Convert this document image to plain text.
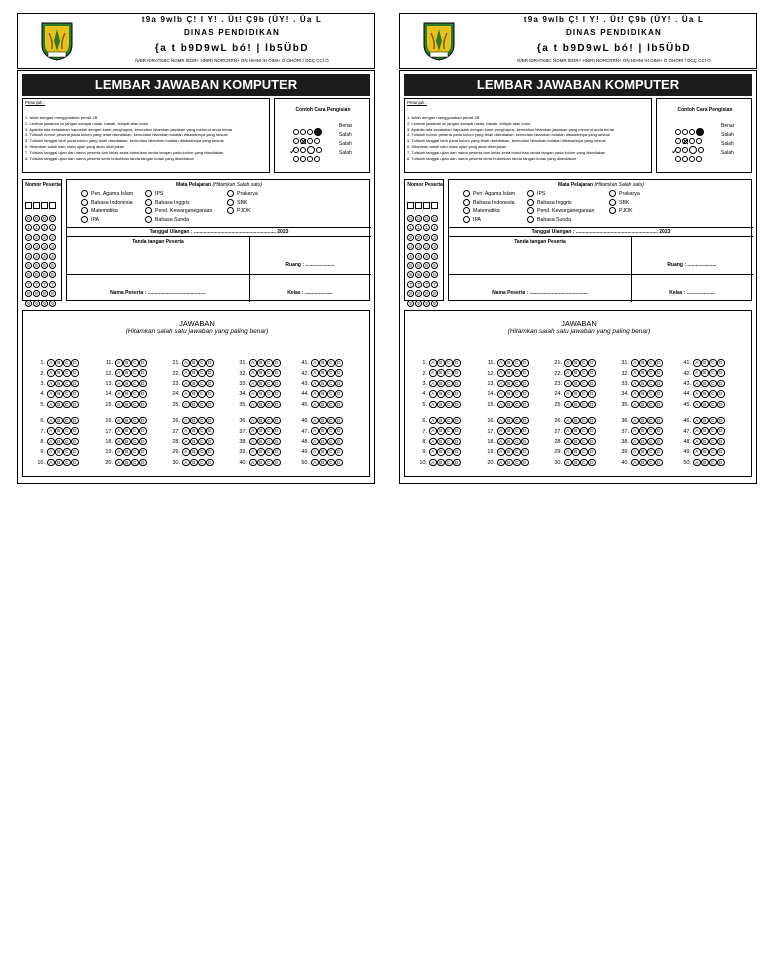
t9a 9wlb Ç! I Y! . Üt! Ç9b (ÜY! . Üa L
DINAS PENDIDIKAN
{a t b9D9wL bó! | lb5ÜbD
Ñ/BR ÍDRATKBC ÑOMR ÍEDR+ HÑIRÍ ÑORCRRÑ+ ÓÑ HIHNI ÍH ÓIMI+ Ó ÓHÓRÍ Í ÓCÇ CCÍ Ó
LEMBAR JAWABAN KOMPUTER
Petunjuk :
1. Isilah dengan menggunakan pensil 2B
2. Lembar jawaban ini jangan sampai rusak, basah, terlipat atau kotor
3. Apabila ada kesalahan hapuslah dengan karet penghapus, kemudian hitamkan jawaban yang menurut anda benar
4. Tulislah nomor peserta pada kolom yang telah disediakan, kemudian hitamkan bulatan dibawahnya yang sesuai
5. Tulislah tanggal lahir pada kolom yang telah disediakan, kemudian hitamkan bulatan dibawahnya yang sesuai
6. Hitamkan salah satu mata ujian yang akan dikerjakan
7. Tulislah tanggal ujian dan nama peserta dan kelas serta bubuhkan tanda tangan pada kolom yang disediakan
8. Tulislah tanggal ujian dan nama peserta serta bubuhkan tanda tangan kotak yang disediakan
Contoh Cara Pengisian
Benar
Salah
Salah
✓	Salah
Nomor Peserta
0 0 0 0
1 1 1 1
2 2 2 2
3 3 3 3
4 4 4 4
5 5 5 5
6 6 6 6
7 7 7 7
8 8 8 8
9 9 9 9
Mata Pelajaran (Hitamkan Salah satu)
Pen. Agama Islam
Bahasa Indonesia
Matematika
IPA
IPS
Bahasa Inggris
Pend. Kewarganegaraan
Bahasa Sunda
Prakarya
SBK
PJOK
Tanggal Ulangan : ........................................................... 2023
Tanda tangan Peserta
Ruang : .....................
Nama Peserta : ..........................................	Kelas : ....................
JAWABAN
(Hitamkan salah satu jawaban yang paling benar)
1. A B C D
2. A B C D
3. A B C D
4. A B C D
5. A B C D
6. A B C D
7. A B C D
8. A B C D
9. A B C D
10. A B C D
11. A B C D
12. A B C D
13. A B C D
14. A B C D
15. A B C D
16. A B C D
17. A B C D
18. A B C D
19. A B C D
20. A B C D
21. A B C D
22. A B C D
23. A B C D
24. A B C D
25. A B C D
26. A B C D
27. A B C D
28. A B C D
29. A B C D
30. A B C D
31. A B C D
32. A B C D
33. A B C D
34. A B C D
35. A B C D
36. A B C D
37. A B C D
38. A B C D
39. A B C D
40. A B C D
41. A B C D
42. A B C D
43. A B C D
44. A B C D
45. A B C D
46. A B C D
47. A B C D
48. A B C D
49. A B C D
50. A B C D
t9a 9wlb Ç! I Y! . Üt! Ç9b (ÜY! . Üa L
DINAS PENDIDIKAN
{a t b9D9wL bó! | lb5ÜbD
Ñ/BR ÍDRATKBC ÑOMR ÍEDR+ HÑIRÍ ÑORCRRÑ+ ÓÑ HIHNI ÍH ÓIMI+ Ó ÓHÓRÍ Í ÓCÇ CCÍ Ó
LEMBAR JAWABAN KOMPUTER
Petunjuk :
1. Isilah dengan menggunakan pensil 2B
2. Lembar jawaban ini jangan sampai rusak, basah, terlipat atau kotor
3. Apabila ada kesalahan hapuslah dengan karet penghapus, kemudian hitamkan jawaban yang menurut anda benar
4. Tulislah nomor peserta pada kolom yang telah disediakan, kemudian hitamkan bulatan dibawahnya yang sesuai
5. Tulislah tanggal lahir pada kolom yang telah disediakan, kemudian hitamkan bulatan dibawahnya yang sesuai
6. Hitamkan salah satu mata ujian yang akan dikerjakan
7. Tulislah tanggal ujian dan nama peserta dan kelas serta bubuhkan tanda tangan pada kolom yang disediakan
8. Tulislah tanggal ujian dan nama peserta serta bubuhkan tanda tangan kotak yang disediakan
Contoh Cara Pengisian
Benar
Salah
Salah
✓	Salah
Nomor Peserta
0 0 0 0
1 1 1 1
2 2 2 2
3 3 3 3
4 4 4 4
5 5 5 5
6 6 6 6
7 7 7 7
8 8 8 8
9 9 9 9
Mata Pelajaran (Hitamkan Salah satu)
Pen. Agama Islam
Bahasa Indonesia
Matematika
IPA
IPS
Bahasa Inggris
Pend. Kewarganegaraan
Bahasa Sunda
Prakarya
SBK
PJOK
Tanggal Ulangan : ........................................................... 2023
Tanda tangan Peserta
Ruang : .....................
Nama Peserta : ..........................................	Kelas : ....................
JAWABAN
(Hitamkan salah satu jawaban yang paling benar)
1. A B C D
2. A B C D
3. A B C D
4. A B C D
5. A B C D
6. A B C D
7. A B C D
8. A B C D
9. A B C D
10. A B C D
11. A B C D
12. A B C D
13. A B C D
14. A B C D
15. A B C D
16. A B C D
17. A B C D
18. A B C D
19. A B C D
20. A B C D
21. A B C D
22. A B C D
23. A B C D
24. A B C D
25. A B C D
26. A B C D
27. A B C D
28. A B C D
29. A B C D
30. A B C D
31. A B C D
32. A B C D
33. A B C D
34. A B C D
35. A B C D
36. A B C D
37. A B C D
38. A B C D
39. A B C D
40. A B C D
41. A B C D
42. A B C D
43. A B C D
44. A B C D
45. A B C D
46. A B C D
47. A B C D
48. A B C D
49. A B C D
50. A B C D
